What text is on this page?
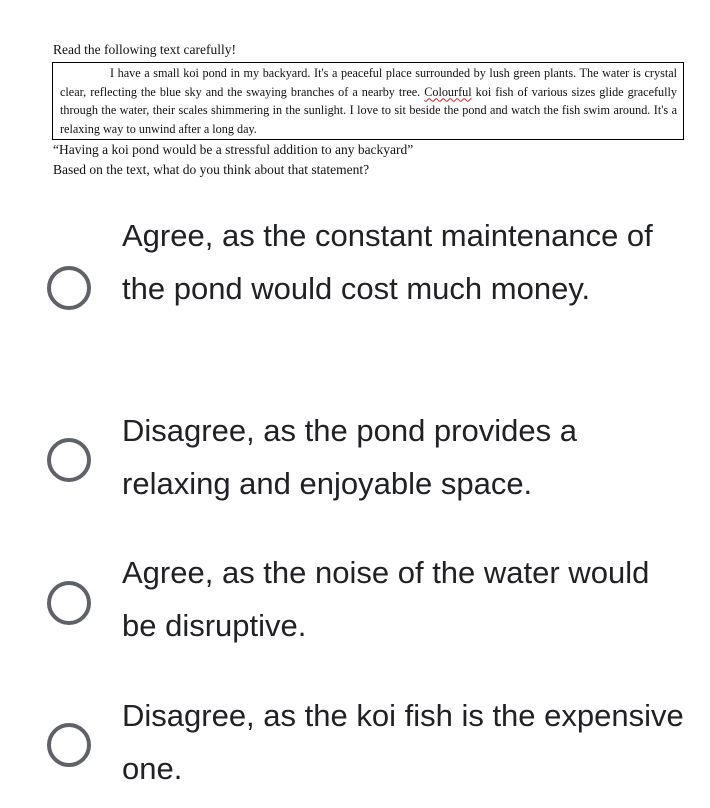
Read the following text carefully!
I have a small koi pond in my backyard. It's a peaceful place surrounded by lush green plants. The water is crystal clear, reflecting the blue sky and the swaying branches of a nearby tree. Colourful koi fish of various sizes glide gracefully through the water, their scales shimmering in the sunlight. I love to sit beside the pond and watch the fish swim around. It's a relaxing way to unwind after a long day.
“Having a koi pond would be a stressful addition to any backyard”
Based on the text, what do you think about that statement?
Agree, as the constant maintenance of the pond would cost much money.
Disagree, as the pond provides a relaxing and enjoyable space.
Agree, as the noise of the water would be disruptive.
Disagree, as the koi fish is the expensive one.
